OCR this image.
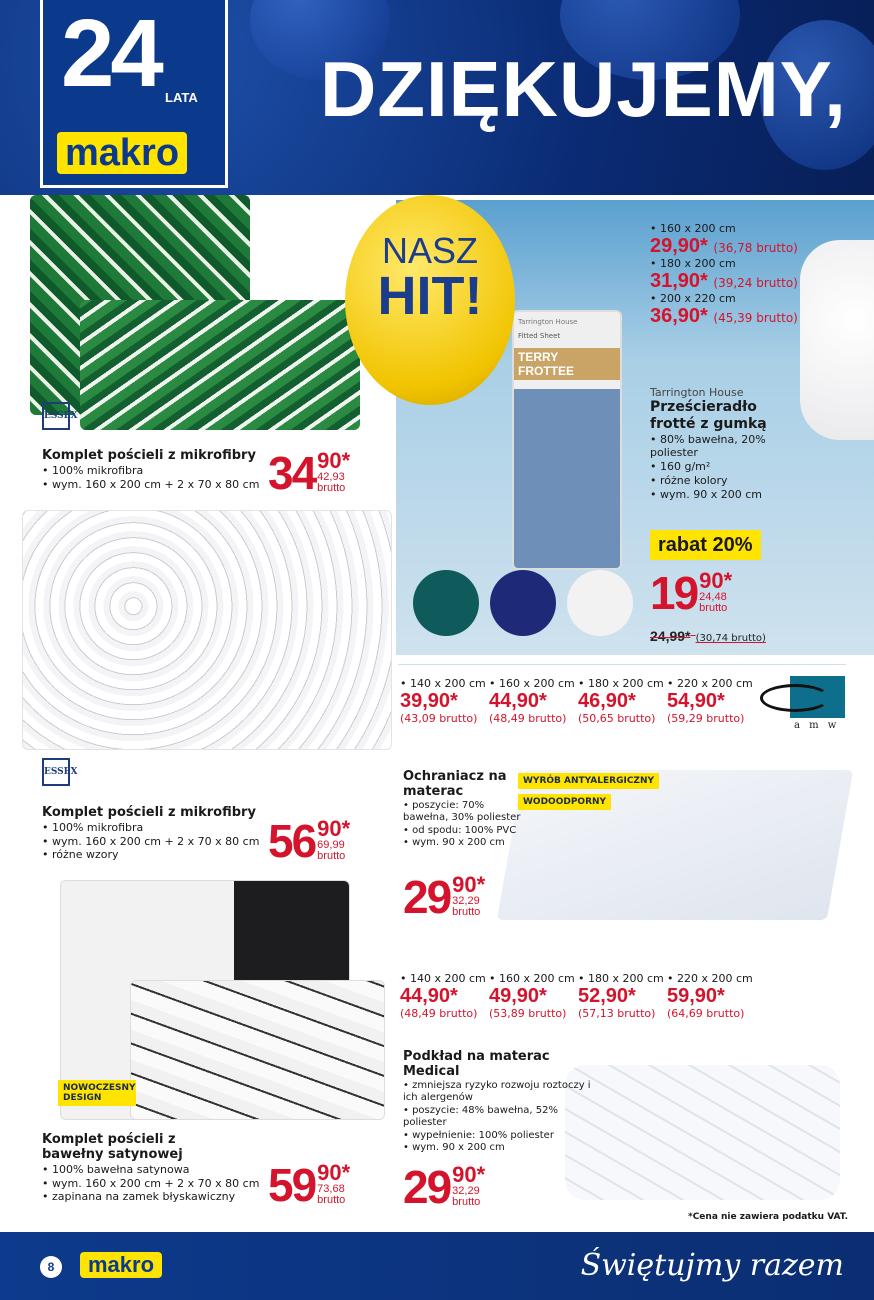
24 LATA
makro
DZIĘKUJEMY,
ESSEX
Komplet pościeli z mikrofibry
• 100% mikrofibra
• wym. 160 x 200 cm + 2 x 70 x 80 cm 34 90*
42,93
brutto
ESSEX
Komplet pościeli z mikrofibry
• 100% mikrofibra
• wym. 160 x 200 cm + 2 x 70 x 80 cm
• różne wzory	56 90*
69,99
brutto
NOWOCZESNY DESIGN
Komplet pościeli z bawełny satynowej
• 100% bawełna satynowa
• wym. 160 x 200 cm + 2 x 70 x 80 cm
• zapinana na zamek błyskawiczny 59 90*
73,68
brutto
Tarrington House
Fitted Sheet
TERRY FROTTEE
NASZ
HIT!
• 160 x 200 cm
29,90* (36,78 brutto)
• 180 x 200 cm
31,90* (39,24 brutto)
• 200 x 220 cm
36,90* (45,39 brutto)
Tarrington House
Prześcieradło frotté z gumką
• 80% bawełna, 20% poliester
• 160 g/m²
• różne kolory
• wym. 90 x 200 cm
rabat 20%
19 90*
24,48
brutto
24,99* (30,74 brutto)
a m w
• 140 x 200 cm
39,90*
(43,09 brutto)
• 160 x 200 cm
44,90*
(48,49 brutto)
• 180 x 200 cm
46,90*
(50,65 brutto)
• 220 x 200 cm
54,90*
(59,29 brutto)
WYRÓB ANTYALERGICZNY
WODOODPORNY
Ochraniacz na materac
• poszycie: 70% bawełna, 30% poliester
• od spodu: 100% PVC
• wym. 90 x 200 cm
29 90*
32,29
brutto
• 140 x 200 cm
44,90*
(48,49 brutto)
• 160 x 200 cm
49,90*
(53,89 brutto)
• 180 x 200 cm
52,90*
(57,13 brutto)
• 220 x 200 cm
59,90*
(64,69 brutto)
Podkład na materac Medical
• zmniejsza ryzyko rozwoju roztoczy i ich alergenów
• poszycie: 48% bawełna, 52% poliester
• wypełnienie: 100% poliester
• wym. 90 x 200 cm
29 90*
32,29
brutto
*Cena nie zawiera podatku VAT.
8	makro	Świętujmy razem
